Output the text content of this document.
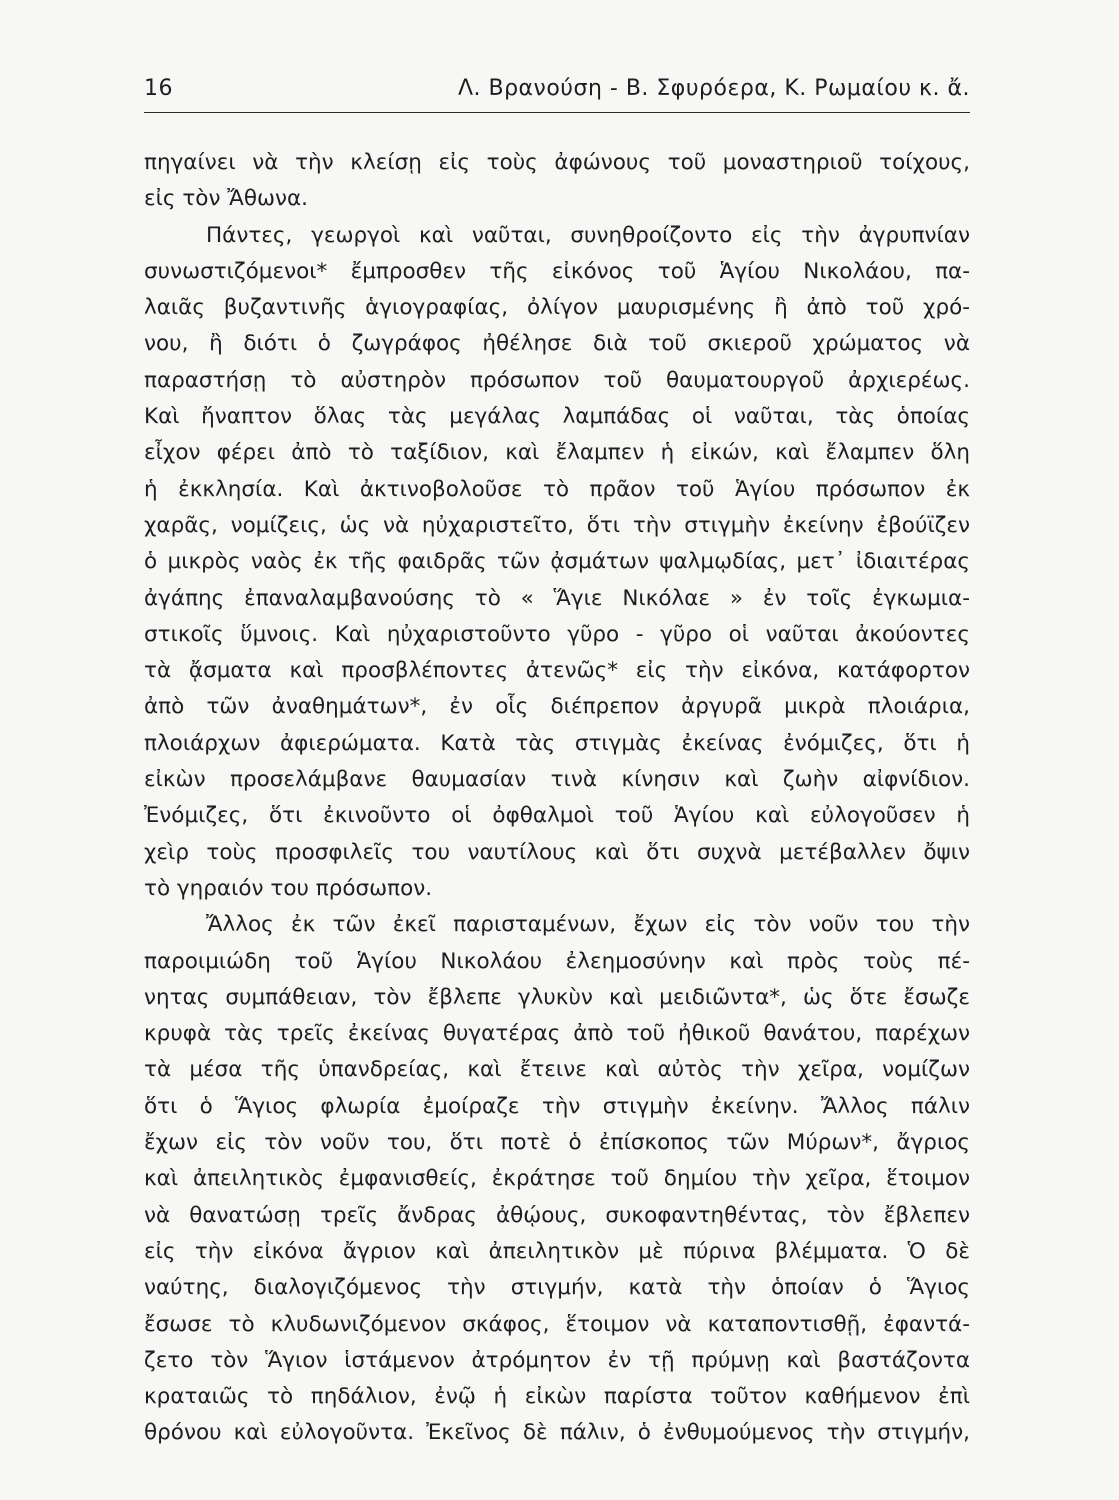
16	Λ. Βρανούση - Β. Σφυρόερα, Κ. Ρωμαίου κ. ἄ.
πηγαίνει νὰ τὴν κλείσῃ εἰς τοὺς ἀφώνους τοῦ μοναστηριοῦ τοίχους,
εἰς τὸν Ἄθωνα.
Πάντες, γεωργοὶ καὶ ναῦται, συνηθροίζοντο εἰς τὴν ἀγρυπνίαν
συνωστιζόμενοι* ἔμπροσθεν τῆς εἰκόνος τοῦ Ἁγίου Νικολάου, πα-
λαιᾶς βυζαντινῆς ἁγιογραφίας, ὀλίγον μαυρισμένης ἢ ἀπὸ τοῦ χρό-
νου, ἢ διότι ὁ ζωγράφος ἠθέλησε διὰ τοῦ σκιεροῦ χρώματος νὰ
παραστήσῃ τὸ αὐστηρὸν πρόσωπον τοῦ θαυματουργοῦ ἀρχιερέως.
Καὶ ἤναπτον ὅλας τὰς μεγάλας λαμπάδας οἱ ναῦται, τὰς ὁποίας
εἶχον φέρει ἀπὸ τὸ ταξίδιον, καὶ ἔλαμπεν ἡ εἰκών, καὶ ἔλαμπεν ὅλη
ἡ ἐκκλησία. Καὶ ἀκτινοβολοῦσε τὸ πρᾶον τοῦ Ἁγίου πρόσωπον ἐκ
χαρᾶς, νομίζεις, ὡς νὰ ηὐχαριστεῖτο, ὅτι τὴν στιγμὴν ἐκείνην ἐβούϊζεν
ὁ μικρὸς ναὸς ἐκ τῆς φαιδρᾶς τῶν ᾀσμάτων ψαλμῳδίας, μετ᾽ ἰδιαιτέρας
ἀγάπης ἐπαναλαμβανούσης τὸ « Ἅγιε Νικόλαε » ἐν τοῖς ἐγκωμια-
στικοῖς ὕμνοις. Καὶ ηὐχαριστοῦντο γῦρο - γῦρο οἱ ναῦται ἀκούοντες
τὰ ᾄσματα καὶ προσβλέποντες ἀτενῶς* εἰς τὴν εἰκόνα, κατάφορτον
ἀπὸ τῶν ἀναθημάτων*, ἐν οἷς διέπρεπον ἀργυρᾶ μικρὰ πλοιάρια,
πλοιάρχων ἀφιερώματα. Κατὰ τὰς στιγμὰς ἐκείνας ἐνόμιζες, ὅτι ἡ
εἰκὼν προσελάμβανε θαυμασίαν τινὰ κίνησιν καὶ ζωὴν αἰφνίδιον.
Ἐνόμιζες, ὅτι ἐκινοῦντο οἱ ὀφθαλμοὶ τοῦ Ἁγίου καὶ εὐλογοῦσεν ἡ
χεὶρ τοὺς προσφιλεῖς του ναυτίλους καὶ ὅτι συχνὰ μετέβαλλεν ὄψιν
τὸ γηραιόν του πρόσωπον.
Ἄλλος ἐκ τῶν ἐκεῖ παρισταμένων, ἔχων εἰς τὸν νοῦν του τὴν
παροιμιώδη τοῦ Ἁγίου Νικολάου ἐλεημοσύνην καὶ πρὸς τοὺς πέ-
νητας συμπάθειαν, τὸν ἔβλεπε γλυκὺν καὶ μειδιῶντα*, ὡς ὅτε ἔσωζε
κρυφὰ τὰς τρεῖς ἐκείνας θυγατέρας ἀπὸ τοῦ ἠθικοῦ θανάτου, παρέχων
τὰ μέσα τῆς ὑπανδρείας, καὶ ἔτεινε καὶ αὐτὸς τὴν χεῖρα, νομίζων
ὅτι ὁ Ἅγιος φλωρία ἐμοίραζε τὴν στιγμὴν ἐκείνην. Ἄλλος πάλιν
ἔχων εἰς τὸν νοῦν του, ὅτι ποτὲ ὁ ἐπίσκοπος τῶν Μύρων*, ἄγριος
καὶ ἀπειλητικὸς ἐμφανισθείς, ἐκράτησε τοῦ δημίου τὴν χεῖρα, ἕτοιμον
νὰ θανατώσῃ τρεῖς ἄνδρας ἀθῴους, συκοφαντηθέντας, τὸν ἔβλεπεν
εἰς τὴν εἰκόνα ἄγριον καὶ ἀπειλητικὸν μὲ πύρινα βλέμματα. Ὁ δὲ
ναύτης, διαλογιζόμενος τὴν στιγμήν, κατὰ τὴν ὁποίαν ὁ Ἅγιος
ἔσωσε τὸ κλυδωνιζόμενον σκάφος, ἕτοιμον νὰ καταποντισθῇ, ἐφαντά-
ζετο τὸν Ἅγιον ἱστάμενον ἀτρόμητον ἐν τῇ πρύμνῃ καὶ βαστάζοντα
κραταιῶς τὸ πηδάλιον, ἐνῷ ἡ εἰκὼν παρίστα τοῦτον καθήμενον ἐπὶ
θρόνου καὶ εὐλογοῦντα. Ἐκεῖνος δὲ πάλιν, ὁ ἐνθυμούμενος τὴν στιγμήν,
